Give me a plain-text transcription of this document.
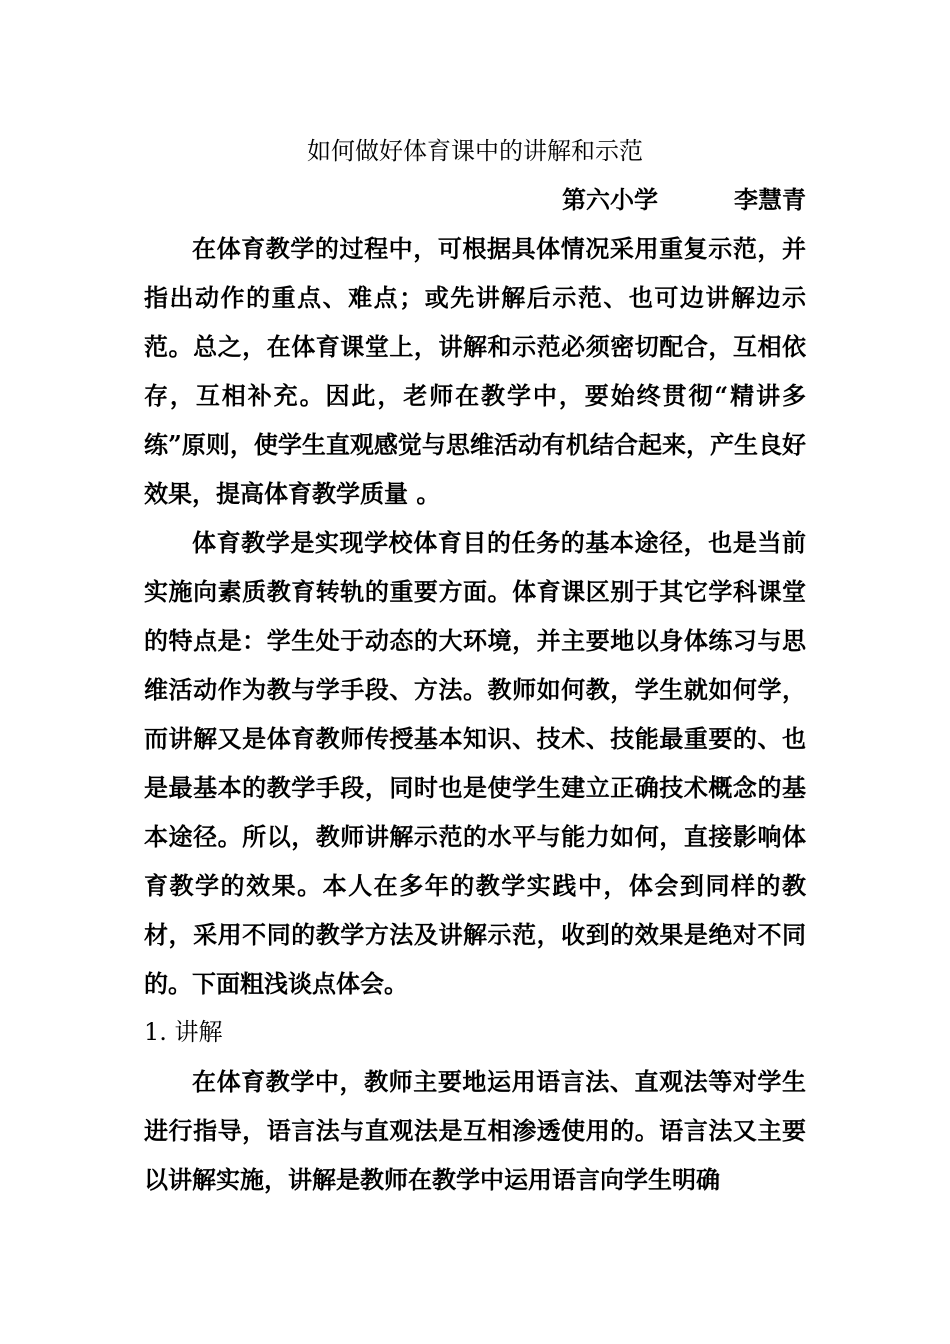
如何做好体育课中的讲解和示范
第六小学	李慧青

在体育教学的过程中，可根据具体情况采用重复示范，并指出动作的重点、难点；或先讲解后示范、也可边讲解边示范。总之，在体育课堂上，讲解和示范必须密切配合，互相依存，互相补充。因此，老师在教学中，要始终贯彻“精讲多练”原则，使学生直观感觉与思维活动有机结合起来，产生良好效果，提高体育教学质量 。

体育教学是实现学校体育目的任务的基本途径，也是当前实施向素质教育转轨的重要方面。体育课区别于其它学科课堂的特点是：学生处于动态的大环境，并主要地以身体练习与思维活动作为教与学手段、方法。教师如何教，学生就如何学，而讲解又是体育教师传授基本知识、技术、技能最重要的、也是最基本的教学手段，同时也是使学生建立正确技术概念的基本途径。所以，教师讲解示范的水平与能力如何，直接影响体育教学的效果。本人在多年的教学实践中，体会到同样的教材，采用不同的教学方法及讲解示范，收到的效果是绝对不同的。下面粗浅谈点体会。

1. 讲解

在体育教学中，教师主要地运用语言法、直观法等对学生进行指导，语言法与直观法是互相渗透使用的。语言法又主要以讲解实施，讲解是教师在教学中运用语言向学生明确
